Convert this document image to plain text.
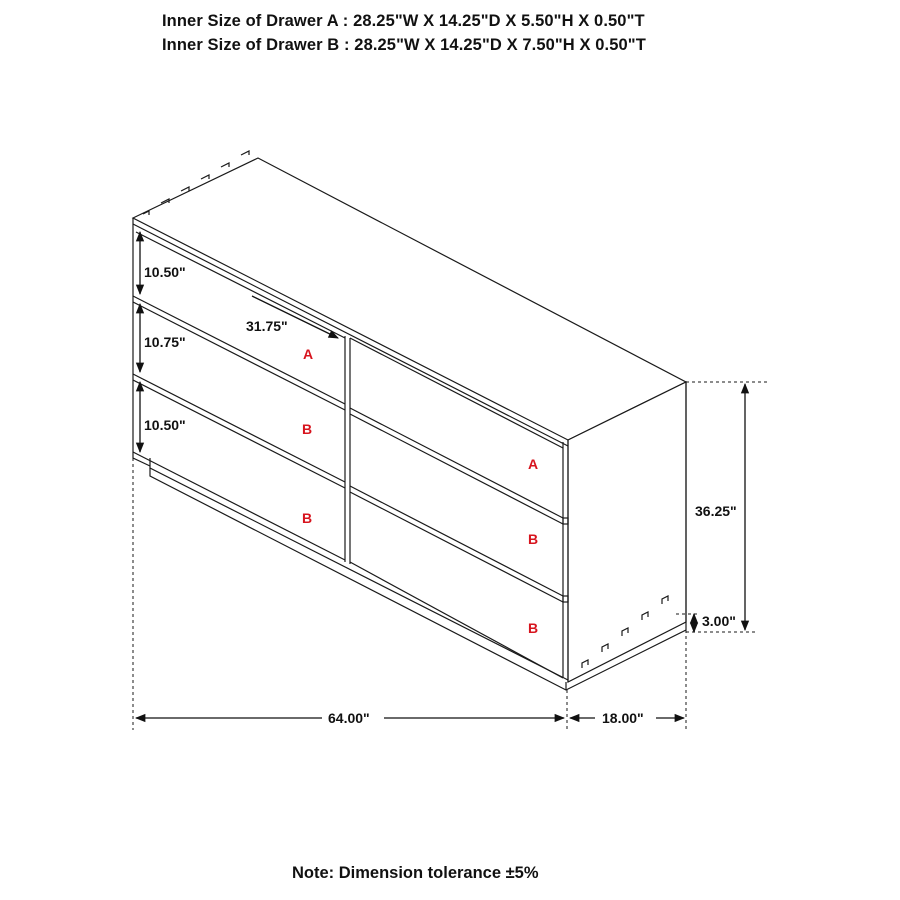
Inner Size of Drawer A : 28.25"W X 14.25"D X 5.50"H X 0.50"T
Inner Size of Drawer B : 28.25"W X 14.25"D X 7.50"H X 0.50"T
10.50"
10.75"
10.50"
31.75"
36.25"
3.00"
64.00"	18.00"
A
B
B
A
B
B
Note: Dimension tolerance ±5%
